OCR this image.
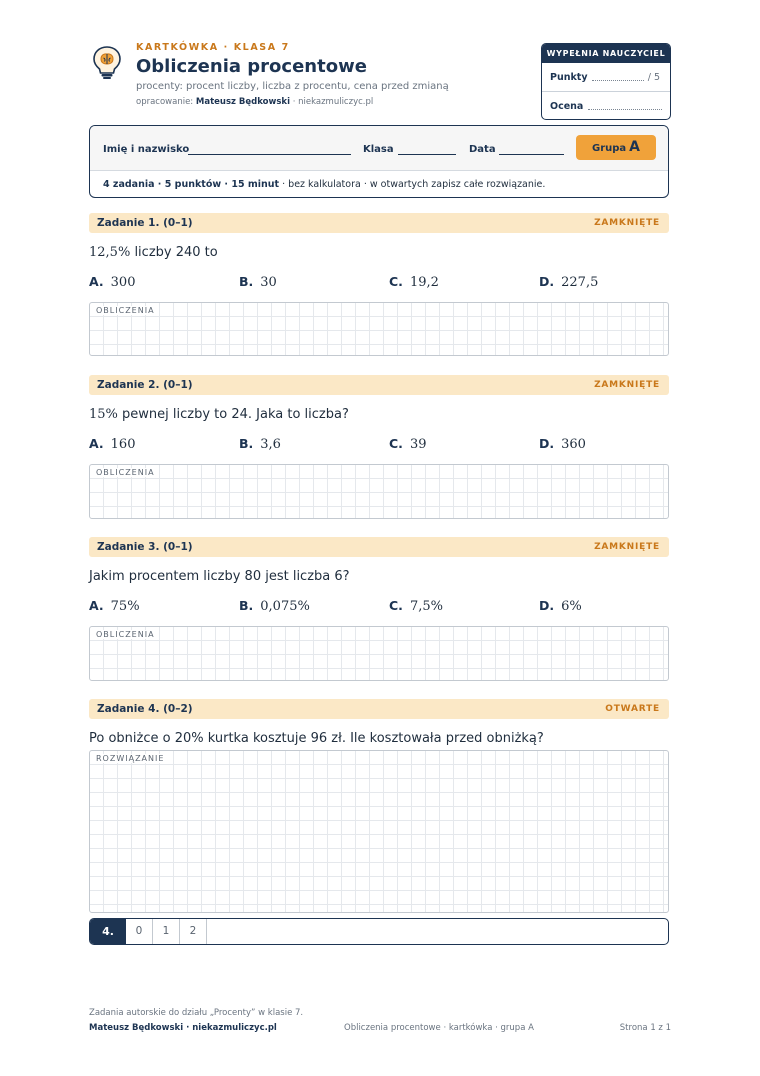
KARTKÓWKA · KLASA 7
Obliczenia procentowe
procenty: procent liczby, liczba z procentu, cena przed zmianą
opracowanie: Mateusz Będkowski · niekazmuliczyc.pl
WYPEŁNIA NAUCZYCIEL
Punkty	/ 5
Ocena
Imię i nazwisko	Klasa	Data	Grupa A
4 zadania · 5 punktów · 15 minut · bez kalkulatora · w otwartych zapisz całe rozwiązanie.
Zadanie 1. (0–1)	ZAMKNIĘTE
12,5% liczby 240 to
A. 300	B. 30	C. 19,2	D. 227,5
OBLICZENIA
Zadanie 2. (0–1)	ZAMKNIĘTE
15% pewnej liczby to 24. Jaka to liczba?
A. 160	B. 3,6	C. 39	D. 360
OBLICZENIA
Zadanie 3. (0–1)	ZAMKNIĘTE
Jakim procentem liczby 80 jest liczba 6?
A. 75%	B. 0,075%	C. 7,5%	D. 6%
OBLICZENIA
Zadanie 4. (0–2)	OTWARTE
Po obniżce o 20% kurtka kosztuje 96 zł. Ile kosztowała przed obniżką?
ROZWIĄZANIE
4.	0	1	2
Zadania autorskie do działu „Procenty” w klasie 7.
Mateusz Będkowski · niekazmuliczyc.pl	Obliczenia procentowe · kartkówka · grupa A	Strona 1 z 1
